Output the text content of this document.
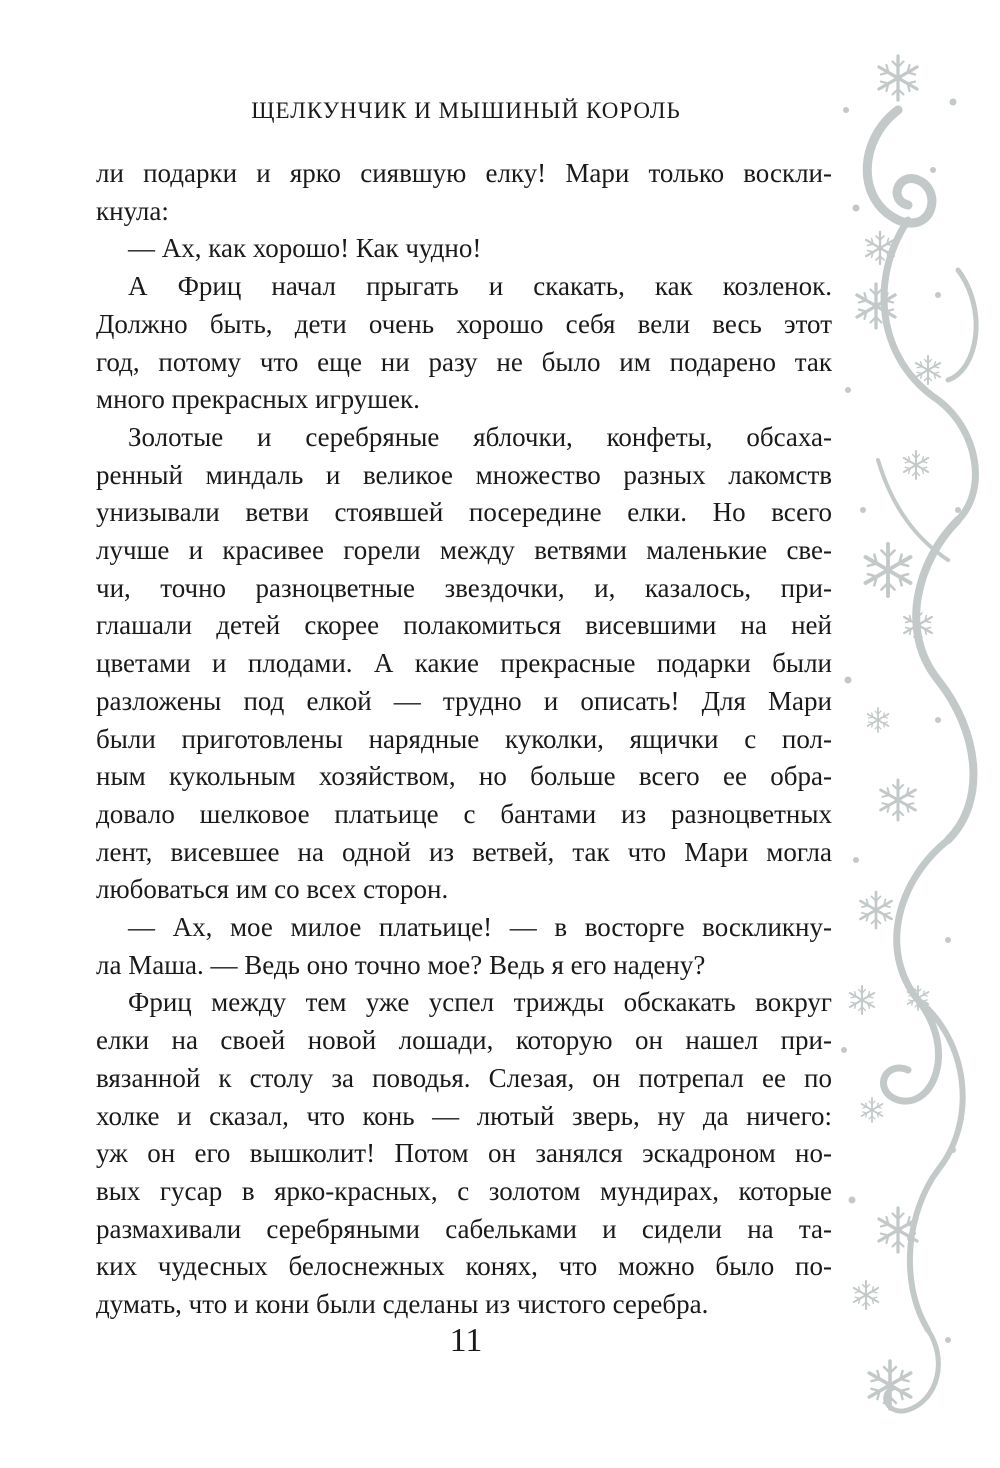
ЩЕЛКУНЧИК И МЫШИНЫЙ КОРОЛЬ
ли подарки и ярко сиявшую елку! Мари только воскли-
кнула:
— Ах, как хорошо! Как чудно!
А Фриц начал прыгать и скакать, как козленок.
Должно быть, дети очень хорошо себя вели весь этот
год, потому что еще ни разу не было им подарено так
много прекрасных игрушек.
Золотые и серебряные яблочки, конфеты, обсаха-
ренный миндаль и великое множество разных лакомств
унизывали ветви стоявшей посередине елки. Но всего
лучше и красивее горели между ветвями маленькие све-
чи, точно разноцветные звездочки, и, казалось, при-
глашали детей скорее полакомиться висевшими на ней
цветами и плодами. А какие прекрасные подарки были
разложены под елкой — трудно и описать! Для Мари
были приготовлены нарядные куколки, ящички с пол-
ным кукольным хозяйством, но больше всего ее обра-
довало шелковое платьице с бантами из разноцветных
лент, висевшее на одной из ветвей, так что Мари могла
любоваться им со всех сторон.
— Ах, мое милое платьице! — в восторге воскликну-
ла Маша. — Ведь оно точно мое? Ведь я его надену?
Фриц между тем уже успел трижды обскакать вокруг
елки на своей новой лошади, которую он нашел при-
вязанной к столу за поводья. Слезая, он потрепал ее по
холке и сказал, что конь — лютый зверь, ну да ничего:
уж он его вышколит! Потом он занялся эскадроном но-
вых гусар в ярко-красных, с золотом мундирах, которые
размахивали серебряными сабельками и сидели на та-
ких чудесных белоснежных конях, что можно было по-
думать, что и кони были сделаны из чистого серебра.
11
